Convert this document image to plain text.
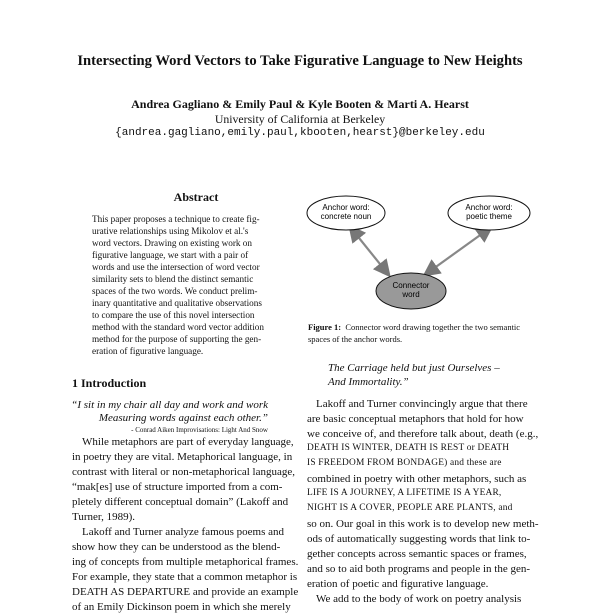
Intersecting Word Vectors to Take Figurative Language to New Heights
Andrea Gagliano & Emily Paul & Kyle Booten & Marti A. Hearst
University of California at Berkeley
{andrea.gagliano,emily.paul,kbooten,hearst}@berkeley.edu
Abstract
This paper proposes a technique to create fig-
urative relationships using Mikolov et al.'s
word vectors. Drawing on existing work on
figurative language, we start with a pair of
words and use the intersection of word vector
similarity sets to blend the distinct semantic
spaces of the two words. We conduct prelim-
inary quantitative and qualitative observations
to compare the use of this novel intersection
method with the standard word vector addition
method for the purpose of supporting the gen-
eration of figurative language.
Anchor word: concrete noun
Anchor word: poetic theme
Connector word
Figure 1: Connector word drawing together the two semantic
spaces of the anchor words.
1 Introduction
“I sit in my chair all day and work and work
Measuring words against each other.”
- Conrad Aiken Improvisations: Light And Snow
While metaphors are part of everyday language,
in poetry they are vital. Metaphorical language, in
contrast with literal or non-metaphorical language,
“mak[es] use of structure imported from a com-
pletely different conceptual domain” (Lakoff and
Turner, 1989).
Lakoff and Turner analyze famous poems and
show how they can be understood as the blend-
ing of concepts from multiple metaphorical frames.
For example, they state that a common metaphor is
DEATH AS DEPARTURE and provide an example
of an Emily Dickinson poem in which she merely
The Carriage held but just Ourselves –
And Immortality.”
Lakoff and Turner convincingly argue that there
are basic conceptual metaphors that hold for how
we conceive of, and therefore talk about, death (e.g.,
DEATH IS WINTER, DEATH IS REST or DEATH
IS FREEDOM FROM BONDAGE) and these are
combined in poetry with other metaphors, such as
LIFE IS A JOURNEY, A LIFETIME IS A YEAR,
NIGHT IS A COVER, PEOPLE ARE PLANTS, and
so on. Our goal in this work is to develop new meth-
ods of automatically suggesting words that link to-
gether concepts across semantic spaces or frames,
and so to aid both programs and people in the gen-
eration of poetic and figurative language.
We add to the body of work on poetry analysis
